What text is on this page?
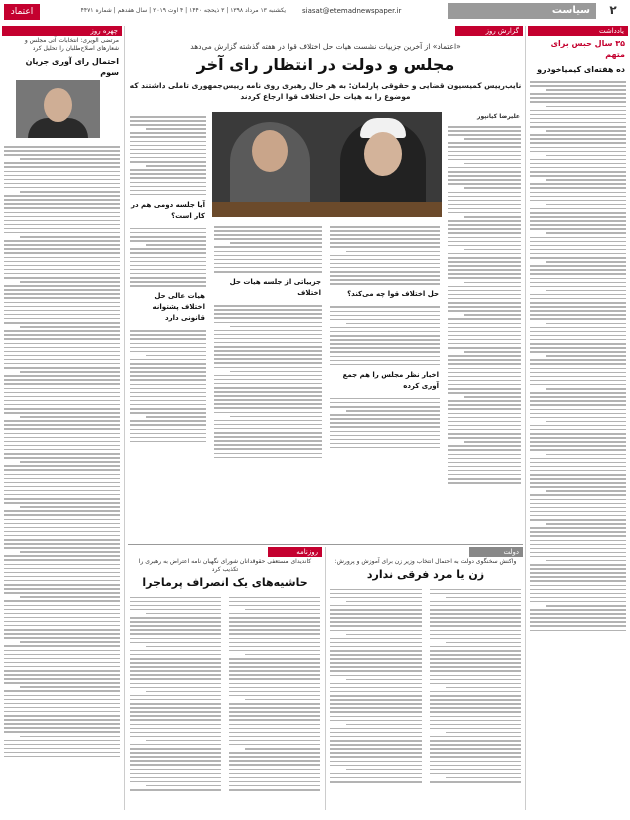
اعتماد	یکشنبه ۱۳ مرداد ۱۳۹۸ | ۳ ذیحجه ۱۴۴۰ | ۴ اوت ۲۰۱۹ | سال هفدهم | شماره ۴۴۷۱ siasat@etemadnewspaper.ir	سیاست	۲
یادداشت
۳۵ سال حبس برای متهم
ده هفته‌ای کیمیاخودرو
گزارش روز
«اعتماد» از آخرین جزییات نشست هیات حل اختلاف قوا در هفته گذشته گزارش می‌دهد
مجلس و دولت در انتظار رای آخر
نایب‌رییس کمیسیون قضایی و حقوقی پارلمان: به هر حال رهبری روی نامه رییس‌جمهوری تاملی داشتند که موضوع را به هیات حل اختلاف قوا ارجاع کردند
عليرضا كيانپور
آیا جلسه دومی هم در کار است؟
هیات عالی حل اختلاف پشتوانه قانونی دارد
جزییاتی از جلسه هیات حل اختلاف	حل اختلاف قوا چه می‌کند؟
اخبار نظر مجلس را هم جمع آوری کرده
چهره روز
مرتضی الویری: انتخابات آتی مجلس و شعارهای اصلاح‌طلبان را تحلیل کرد
احتمال رای آوری جریان سوم
دولت
واکنش سخنگوی دولت به احتمال انتخاب وزیر زن برای آموزش و پرورش:
زن یا مرد فرقی ندارد
روزنامه
کاندیدای مستعفی حقوقدانان شورای نگهبان نامه اعتراض به رهبری را تکذیب کرد
حاشیه‌های یک انصراف پرماجرا
